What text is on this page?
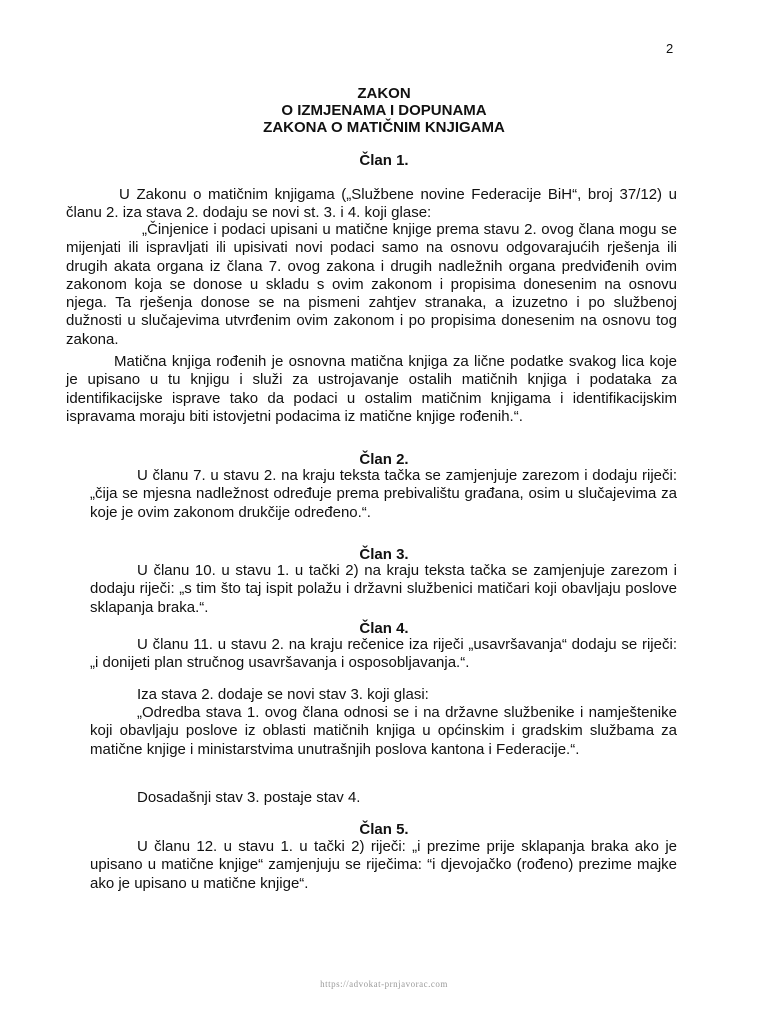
2
ZAKON
O IZMJENAMA I DOPUNAMA
ZAKONA O MATIČNIM KNJIGAMA
Član 1.

U Zakonu o matičnim knjigama („Službene novine Federacije BiH“, broj 37/12) u članu 2. iza stava 2. dodaju se novi st. 3. i 4. koji glase:

„Činjenice i podaci upisani u matične knjige prema stavu 2. ovog člana mogu se mijenjati ili ispravljati ili upisivati novi podaci samo na osnovu odgovarajućih rješenja ili drugih akata organa iz člana 7. ovog zakona i drugih nadležnih organa predviđenih ovim zakonom koja se donose u skladu s ovim zakonom i propisima donesenim na osnovu njega. Ta rješenja donose se na pismeni zahtjev stranaka, a izuzetno i po službenoj dužnosti u slučajevima utvrđenim ovim zakonom i po propisima donesenim na osnovu tog zakona.

Matična knjiga rođenih je osnovna matična knjiga za lične podatke svakog lica koje je upisano u tu knjigu i služi za ustrojavanje ostalih matičnih knjiga i podataka za identifikacijske isprave tako da podaci u ostalim matičnim knjigama i identifikacijskim ispravama moraju biti istovjetni podacima iz matične knjige rođenih.“.

Član 2.

U članu 7. u stavu 2. na kraju teksta tačka se zamjenjuje zarezom i dodaju riječi: „čija se mjesna nadležnost određuje prema prebivalištu građana, osim u slučajevima za koje je ovim zakonom drukčije određeno.“.

Član 3.

U članu 10. u stavu 1. u tački 2) na kraju teksta tačka se zamjenjuje zarezom i dodaju riječi: „s tim što taj ispit polažu i državni službenici matičari koji obavljaju poslove sklapanja braka.“.

Član 4.

U članu 11. u stavu 2. na kraju rečenice iza riječi „usavršavanja“ dodaju se riječi: „i donijeti plan stručnog usavršavanja i osposobljavanja.“.

Iza stava 2. dodaje se novi stav 3. koji glasi:

„Odredba stava 1. ovog člana odnosi se i na državne službenike i namještenike koji obavljaju poslove iz oblasti matičnih knjiga u općinskim i gradskim službama za matične knjige i ministarstvima unutrašnjih poslova kantona i Federacije.“.

Dosadašnji stav 3. postaje stav 4.

Član 5.

U članu 12. u stavu 1. u tački 2) riječi: „i prezime prije sklapanja braka ako je upisano u matične knjige“ zamjenjuju se riječima: “i djevojačko (rođeno) prezime majke ako je upisano u matične knjige“.

https://advokat-prnjavorac.com
